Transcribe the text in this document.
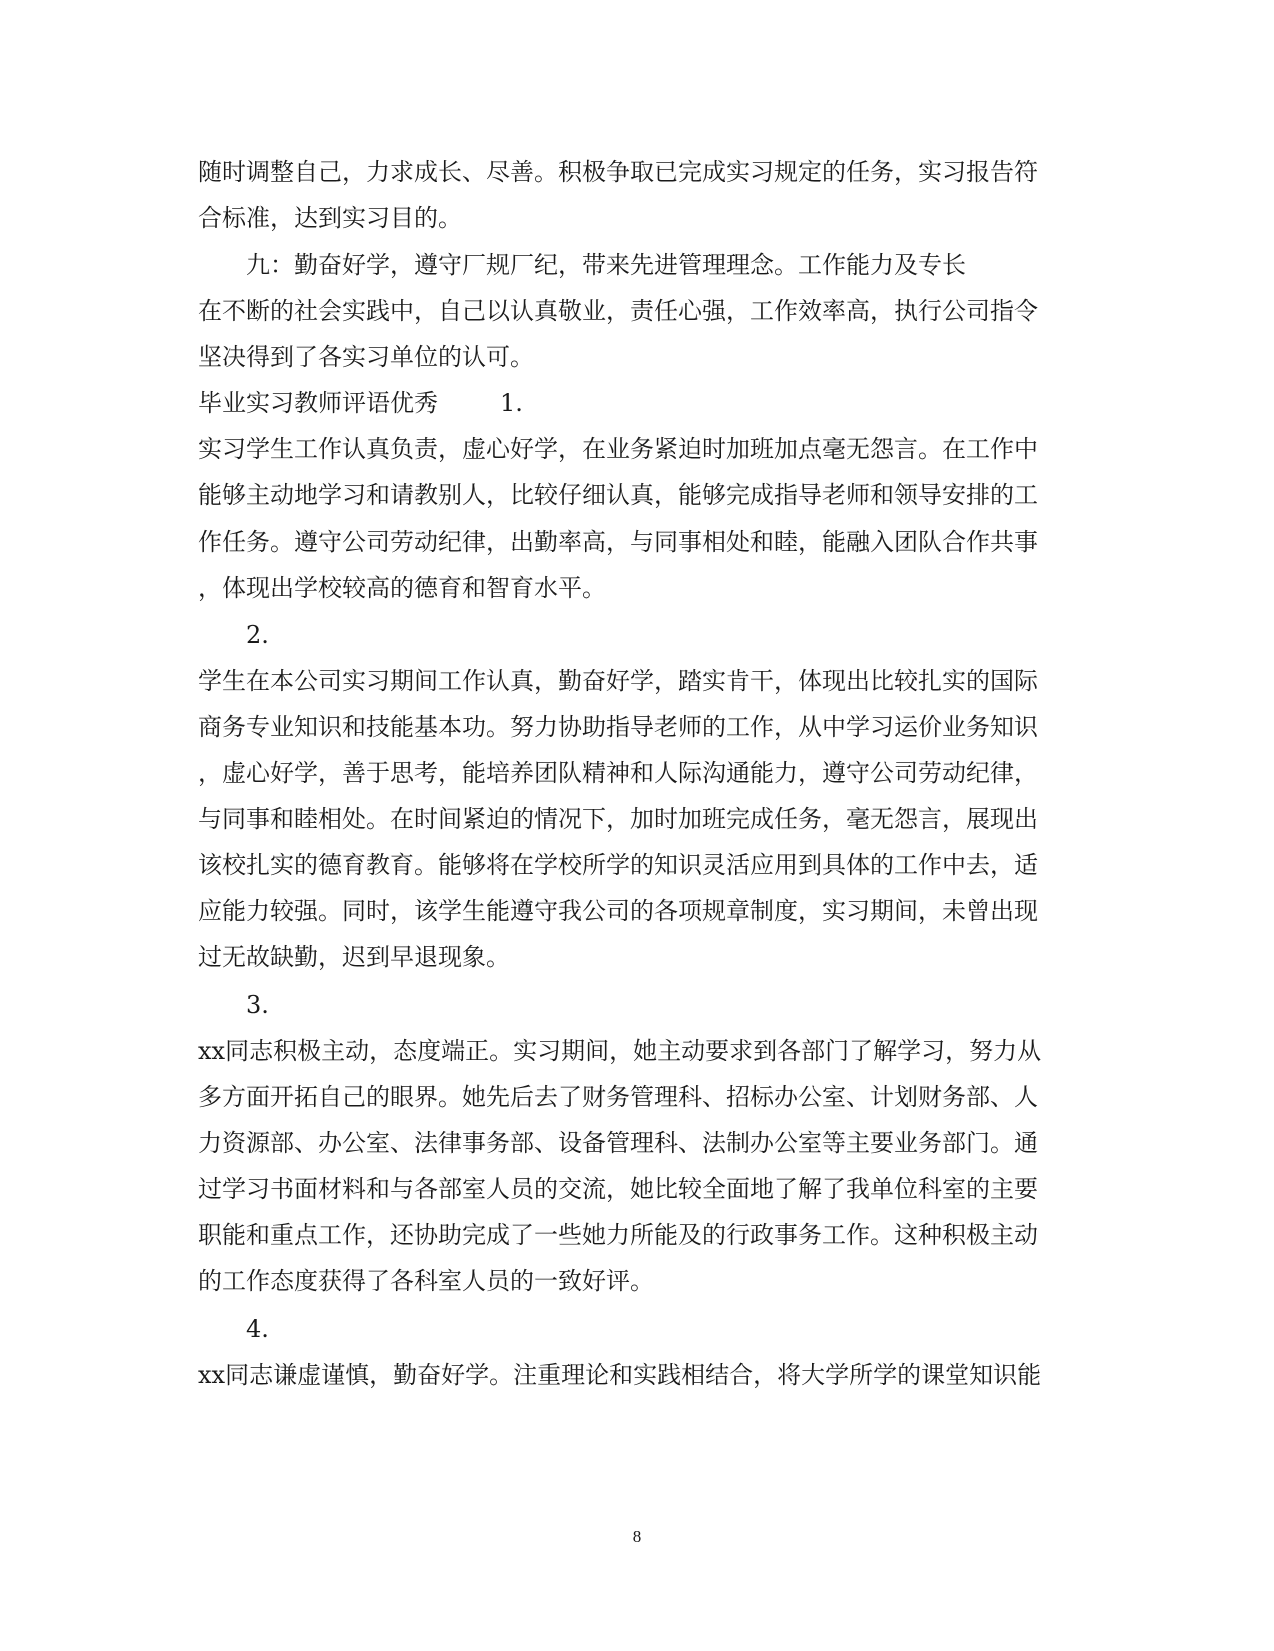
随时调整自己，力求成长、尽善。积极争取已完成实习规定的任务，实习报告符
合标准，达到实习目的。
九：勤奋好学，遵守厂规厂纪，带来先进管理理念。工作能力及专长
在不断的社会实践中，自己以认真敬业，责任心强，工作效率高，执行公司指令
坚决得到了各实习单位的认可。
毕业实习教师评语优秀	1.
实习学生工作认真负责，虚心好学，在业务紧迫时加班加点毫无怨言。在工作中
能够主动地学习和请教别人，比较仔细认真，能够完成指导老师和领导安排的工
作任务。遵守公司劳动纪律，出勤率高，与同事相处和睦，能融入团队合作共事
，体现出学校较高的德育和智育水平。
2.
学生在本公司实习期间工作认真，勤奋好学，踏实肯干，体现出比较扎实的国际
商务专业知识和技能基本功。努力协助指导老师的工作，从中学习运价业务知识
，虚心好学，善于思考，能培养团队精神和人际沟通能力，遵守公司劳动纪律，
与同事和睦相处。在时间紧迫的情况下，加时加班完成任务，毫无怨言，展现出
该校扎实的德育教育。能够将在学校所学的知识灵活应用到具体的工作中去，适
应能力较强。同时，该学生能遵守我公司的各项规章制度，实习期间，未曾出现
过无故缺勤，迟到早退现象。
3.
xx同志积极主动，态度端正。实习期间，她主动要求到各部门了解学习，努力从
多方面开拓自己的眼界。她先后去了财务管理科、招标办公室、计划财务部、人
力资源部、办公室、法律事务部、设备管理科、法制办公室等主要业务部门。通
过学习书面材料和与各部室人员的交流，她比较全面地了解了我单位科室的主要
职能和重点工作，还协助完成了一些她力所能及的行政事务工作。这种积极主动
的工作态度获得了各科室人员的一致好评。
4.
xx同志谦虚谨慎，勤奋好学。注重理论和实践相结合，将大学所学的课堂知识能
8
